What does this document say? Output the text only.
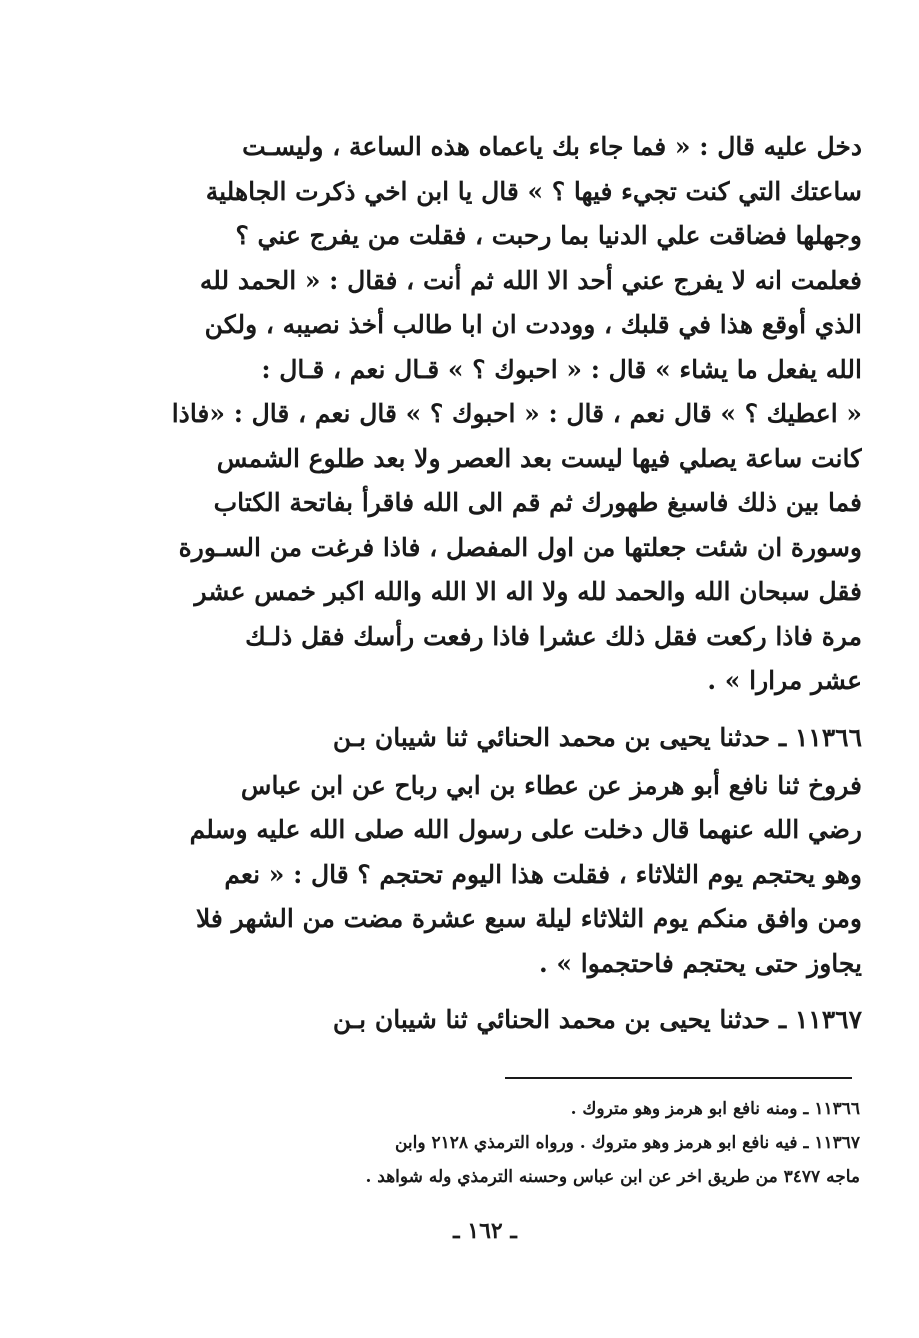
دخل عليه قال : « فما جاء بك ياعماه هذه الساعة ، وليسـت
ساعتك التي كنت تجيء فيها ؟ » قال يا ابن اخي ذكرت الجاهلية
وجهلها فضاقت علي الدنيا بما رحبت ، فقلت من يفرج عني ؟
فعلمت انه لا يفرج عني أحد الا الله ثم أنت ، فقال : « الحمد لله
الذي أوقع هذا في قلبك ، ووددت ان ابا طالب أخذ نصيبه ، ولكن
الله يفعل ما يشاء » قال : « احبوك ؟ » قـال نعم ، قـال :
« اعطيك ؟ » قال نعم ، قال : « احبوك ؟ » قال نعم ، قال : «فاذا
كانت ساعة يصلي فيها ليست بعد العصر ولا بعد طلوع الشمس
فما بين ذلك فاسبغ طهورك ثم قم الى الله فاقرأ بفاتحة الكتاب
وسورة ان شئت جعلتها من اول المفصل ، فاذا فرغت من السـورة
فقل سبحان الله والحمد لله ولا اله الا الله والله اكبر خمس عشر
مرة فاذا ركعت فقل ذلك عشرا فاذا رفعت رأسك فقل ذلـك
عشر مرارا » .
١١٣٦٦ ـ حدثنا يحيى بن محمد الحنائي ثنا شيبان بـن
فروخ ثنا نافع أبو هرمز عن عطاء بن ابي رباح عن ابن عباس
رضي الله عنهما قال دخلت على رسول الله صلى الله عليه وسلم
وهو يحتجم يوم الثلاثاء ، فقلت هذا اليوم تحتجم ؟ قال : « نعم
ومن وافق منكم يوم الثلاثاء ليلة سبع عشرة مضت من الشهر فلا
يجاوز حتى يحتجم فاحتجموا » .
١١٣٦٧ ـ حدثنا يحيى بن محمد الحنائي ثنا شيبان بـن
١١٣٦٦ ـ ومنه نافع ابو هرمز وهو متروك .
١١٣٦٧ ـ فيه نافع ابو هرمز وهو متروك . ورواه الترمذي ٢١٢٨ وابن
ماجه ٣٤٧٧ من طريق اخر عن ابن عباس وحسنه الترمذي وله شواهد .
ـ ١٦٢ ـ
